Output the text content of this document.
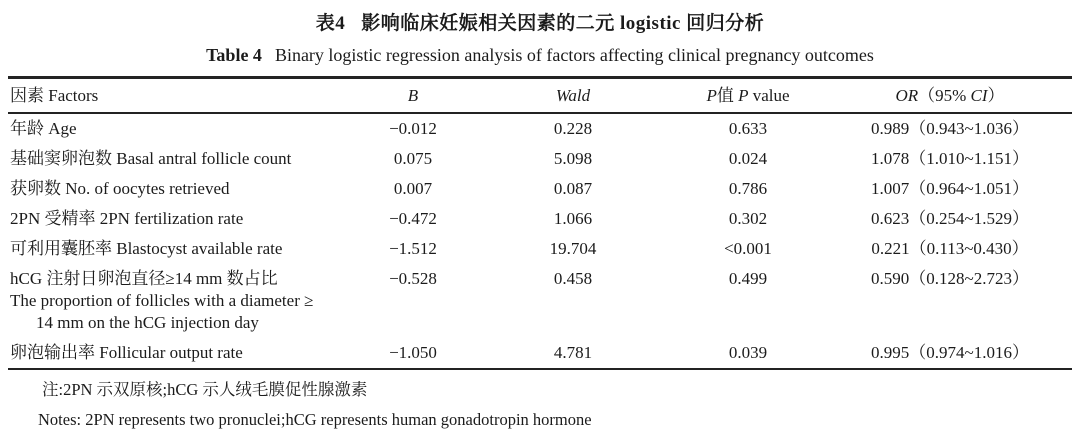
表4 影响临床妊娠相关因素的二元 logistic 回归分析
Table 4 Binary logistic regression analysis of factors affecting clinical pregnancy outcomes
因素 Factors	B	Wald	P值 P value	OR（95% CI）

年龄 Age	−0.012	0.228	0.633	0.989（0.943~1.036）

基础窦卵泡数 Basal antral follicle count	0.075	5.098	0.024	1.078（1.010~1.151）

获卵数 No. of oocytes retrieved	0.007	0.087	0.786	1.007（0.964~1.051）

2PN 受精率 2PN fertilization rate	−0.472	1.066	0.302	0.623（0.254~1.529）

可利用囊胚率 Blastocyst available rate	−1.512	19.704	<0.001	0.221（0.113~0.430）

hCG 注射日卵泡直径≥14 mm 数占比
The proportion of follicles with a diameter ≥
14 mm on the hCG injection day	−0.528	0.458	0.499	0.590（0.128~2.723）

卵泡输出率 Follicular output rate	−1.050	4.781	0.039	0.995（0.974~1.016）
注:2PN 示双原核;hCG 示人绒毛膜促性腺激素
Notes: 2PN represents two pronuclei;hCG represents human gonadotropin hormone
